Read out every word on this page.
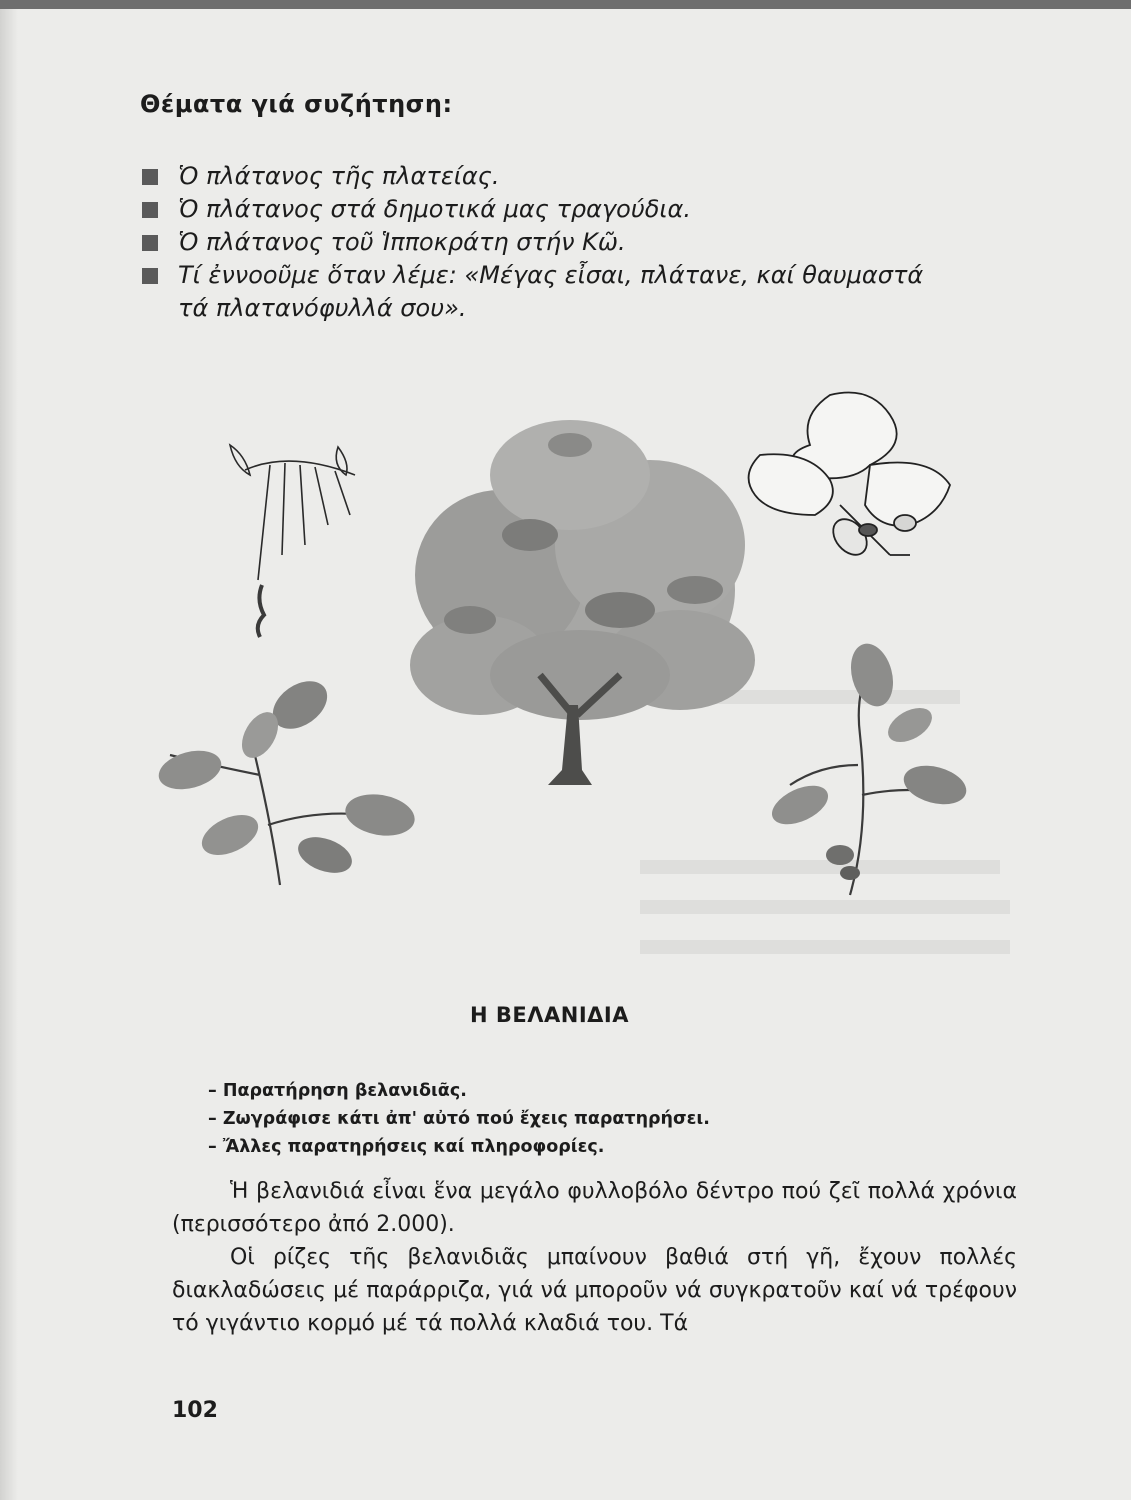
Θέματα γιά συζήτηση:
Ὁ πλάτανος τῆς πλατείας.
Ὁ πλάτανος στά δημοτικά μας τραγούδια.
Ὁ πλάτανος τοῦ Ἱπποκράτη στήν Κῶ.
Τί ἐννοοῦμε ὅταν λέμε: «Μέγας εἶσαι, πλάτανε, καί θαυμαστά
τά πλατανόφυλλά σου».
Η ΒΕΛΑΝΙΔΙΑ
– Παρατήρηση βελανιδιᾶς.
– Ζωγράφισε κάτι ἀπ' αὐτό πού ἔχεις παρατηρήσει.
– Ἄλλες παρατηρήσεις καί πληροφορίες.

Ἡ βελανιδιά εἶναι ἕνα μεγάλο φυλλοβόλο δέντρο πού ζεῖ πολλά χρόνια (περισσότερο ἀπό 2.000).

Οἱ ρίζες τῆς βελανιδιᾶς μπαίνουν βαθιά στή γῆ, ἔχουν πολλές διακλαδώσεις μέ παράρριζα, γιά νά μποροῦν νά συγκρατοῦν καί νά τρέφουν τό γιγάντιο κορμό μέ τά πολλά κλαδιά του. Τά

102
